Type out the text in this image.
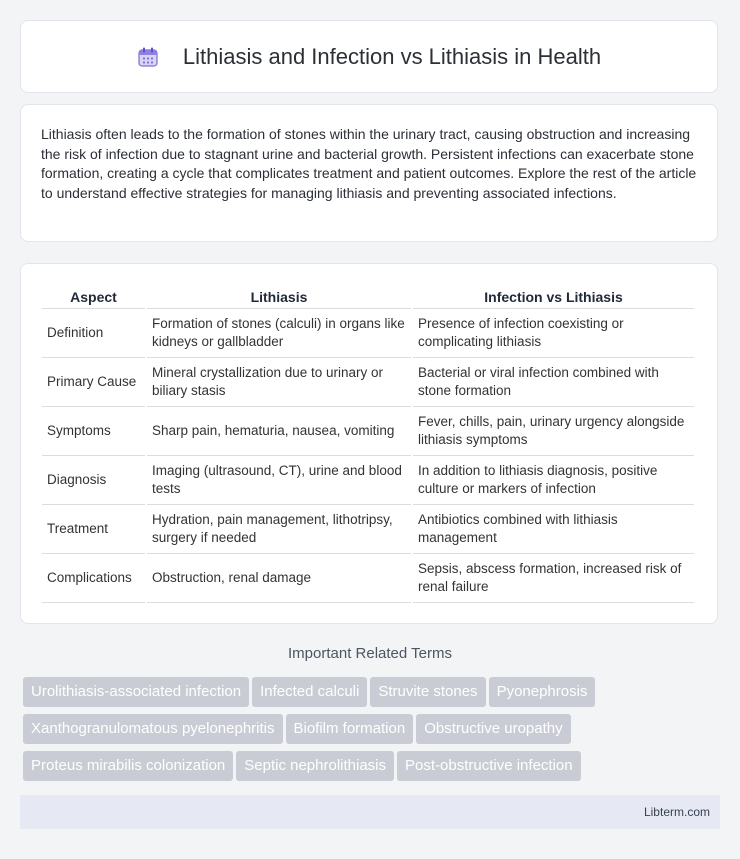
Lithiasis and Infection vs Lithiasis in Health

Lithiasis often leads to the formation of stones within the urinary tract, causing obstruction and increasing the risk of infection due to stagnant urine and bacterial growth. Persistent infections can exacerbate stone formation, creating a cycle that complicates treatment and patient outcomes. Explore the rest of the article to understand effective strategies for managing lithiasis and preventing associated infections.

Aspect	Lithiasis	Infection vs Lithiasis
Definition	Formation of stones (calculi) in organs like kidneys or gallbladder	Presence of infection coexisting or complicating lithiasis
Primary Cause	Mineral crystallization due to urinary or biliary stasis	Bacterial or viral infection combined with stone formation
Symptoms	Sharp pain, hematuria, nausea, vomiting	Fever, chills, pain, urinary urgency alongside lithiasis symptoms
Diagnosis	Imaging (ultrasound, CT), urine and blood tests	In addition to lithiasis diagnosis, positive culture or markers of infection
Treatment	Hydration, pain management, lithotripsy, surgery if needed	Antibiotics combined with lithiasis management
Complications	Obstruction, renal damage	Sepsis, abscess formation, increased risk of renal failure
Important Related Terms
Urolithiasis-associated infection Infected calculi Struvite stones Pyonephrosis
Xanthogranulomatous pyelonephritis Biofilm formation Obstructive uropathy
Proteus mirabilis colonization Septic nephrolithiasis Post-obstructive infection
Libterm.com
